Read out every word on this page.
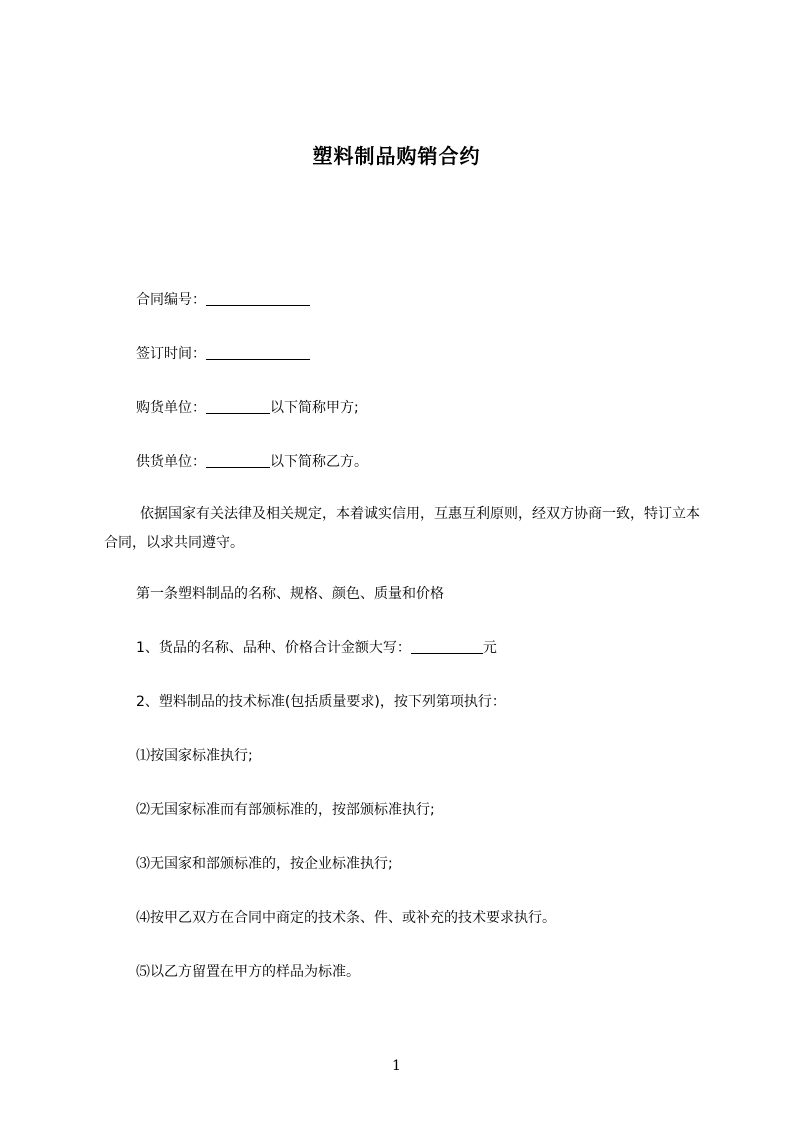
塑料制品购销合约
合同编号：
签订时间：
购货单位：	以下简称甲方;
供货单位：	以下简称乙方。
依据国家有关法律及相关规定，本着诚实信用，互惠互利原则，经双方协商一致，特订立本合同，以求共同遵守。
第一条塑料制品的名称、规格、颜色、质量和价格
1、货品的名称、品种、价格合计金额大写：	元
2、塑料制品的技术标准(包括质量要求)，按下列第项执行：
⑴按国家标准执行;
⑵无国家标准而有部颁标准的，按部颁标准执行;
⑶无国家和部颁标准的，按企业标准执行;
⑷按甲乙双方在合同中商定的技术条、件、或补充的技术要求执行。
⑸以乙方留置在甲方的样品为标准。
1
